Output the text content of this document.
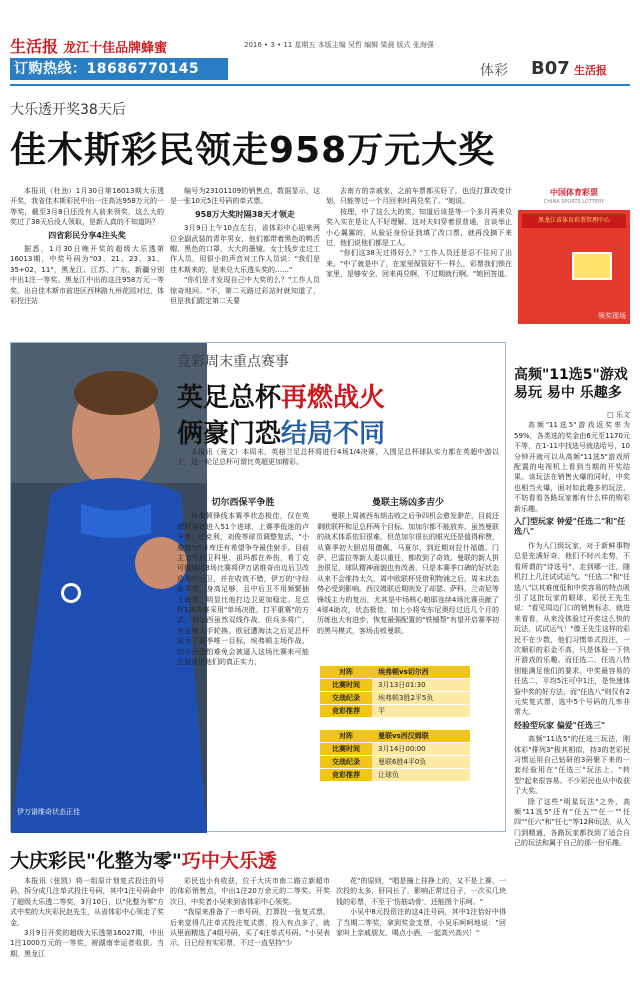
生活报 龙江十佳品牌蜂蜜
订购热线：18686770145
2016 • 3 • 11 星期五 本版主编 吴哲 编辑 梁晨 版式 张海强
体彩 B07 生活报
大乐透开奖38天后
佳木斯彩民领走958万元大奖

本报讯（杜劲）1月30日第16013期大乐透开奖，我省佳木斯彩民中出一注高达958万元的一等奖，截至3月8日还没有人前来领奖，这么大的奖过了38天后没人领取，是新人真的不知道吗？

四省彩民分享4注头奖

据悉，1月30日晚开奖的超级大乐透第16013期，中奖号码为"03、21、23、31、35+02、11"，黑龙江、江苏、广东、新疆分别中出1注一等奖。黑龙江中出的这注958万元一等奖，出自佳木斯市前进区西林路九州花园对过，体彩投注站

编号为23101109的销售点，数据显示，这是一张10元5注号码的单式票。

958万大奖时隔38天才领走

3月9日上午10点左右，省体彩中心迎来两位全副武装的青年男女，他们都带着黑色的鸭舌帽、黑色的口罩，大大的墨镜。女士钱步走过工作人员，用很小的声音对工作人员说："我们是佳木斯来的，是来兑大乐透头奖的……"

"你们是才发现自己中大奖的么？"工作人员惊奇地问。"不，第二天路过彩站时就知道了，但是我们跟定第二天要

去南方的亲戚家，之前车票都买好了，也没打算改变计划，只能等过一个月回来时再兑奖了。"她说。

按理，中了这么大的奖，知道后该是等一个多月再来兑奖入实在是让人不好理解，这对夫妇穿着很普通，言谈举止小心翼翼的，从验证身份证到填了改口票，就再没摘下来过，他们说他们都是工人。

"你们这38天过得好么？"工作人员还是忍不住问了出来。"中了就是中了，在家里保管好不一样么，彩票我们锁在家里，是够安全，回来再兑啊，不过期就行啊。"她回答道。

中国体育彩票
CHINA SPORTS LOTTERY
黑龙江省体育彩票管理中心
领奖现场
伊万诺维奇状态正佳
竞彩周末重点赛事
英足总杯再燃战火
俩豪门恐结局不同

本报讯（竟文）本周末，英格兰足总杯将进行4场1/4决赛，入围足总杯球队实力都在英超中游以上，这一轮足总杯可谓比英超更加精彩。

切尔西保平争胜

埃弗顿锋线本赛季状态极佳，仅在英超联赛就进入51个进球，上赛季低迷的卢卡库、巴克利、刘俊等球员调整复活，"小魔兽"卢卡库还有希望争夺最佳射手。目前主力中后卫科里、祖玛都在养伤，希丁克可能通过3场比赛将伊万诺维奇由边后卫改造为中后卫，并在收效不错，伊万的'守经验丰富，身高足够，且中后卫不用频繁插上助攻，明显比他打边卫更加稳定。足总杯1/4决赛采用"单场决胜，打平重赛"的方式，切尔西虽然双线作战，但兵多将广，有足够人手轮换。欧冠遭淘汰之后足总杯成为了赛季唯一目标，埃弗顿主场作战，切尔西恐怕难免会被逼入这场比赛来可能会展现出他们的真正实力，

曼联主场凶多吉少

曼联上周被西布朗击败之后争四机会愈发渺茫，目前还剩欧联杯和足总杯两个目标。加加尔都不能放弃。虽然曼联的战术体系依旧很难，但范加尔很长的眼光还是值得称赞，从赛季初大胆启用德佩、马夏尔，到近期对拉什福德、门萨、巴雷拉等新人委以重任，都收到了奇效。曼联的新人拼劲很足，球队精神面貌也有改善，只是本赛季口碑的好状态从来不会维持太久，周中欧联杯凭借利物浦之后，周末状态势必受到影响。西汉姆联近期则发了却瑟、萨科、兰奇尼等锋线主力的复出，尤其是中场核心帕耶连续4场比赛贡献了4球4助攻，状态极佳，加上小将安东尼奥经过近几个月的历练也大有进步，恢复最强配置的"铁锤帮"有望开启赛季初的黑马模式，客场击败曼联。

对阵	埃弗顿vs切尔西
比赛时间	3月13日01:30
交战纪录	埃弗顿3胜2平5负
竞彩推荐	平
对阵	曼联vs西汉姆联
比赛时间	3月14日00:00
交战纪录	曼联6胜4平0负
竞彩推荐	让球负
高频"11选5"游戏
易玩 易中 乐趣多
□ 乐文

高频"11选5"游戏返奖率为59%，各类选的奖金由6元至1170元不等，在1-11中找选号就选哈号，10分钟开就可以从高频"11选5"游戏所配置的电视机上看到当期的开奖结果。该玩法在销售火爆的同时，中奖也相当火爆，面对如此趣多的玩法，不妨看看各路玩家都有什么样的购彩新乐趣。

入门型玩家 钟爱"任选二"和"任选八"

作为入门级玩家，对于新鲜事物总是充满好奇，他们不时兴走势，不看所谓的"诗选号"，走到哪一注，随机打上几注试试运气。"任选二"和"任选八"以其难度低和中奖容易的特点吸引了这批玩家的眼球，彩民王先生说："看见周边门口的销售标志，就进来看看，从来没体验过开奖这么快的玩法，试试运气！"像王先生这样的彩民不在少数，他们习惯单式投注，一次顺彩的彩金不高，只是体验一下快开游戏的乐趣。而任选二、任选八特别能满足他们的要求。中奖最容易的任选二，平均5注可中1注，是快速体验中奖的好方法，而"任选八"则仅有2元奖复式票，选中5个号码的几率非常大。

经验型玩家 偏爱"任选三"

高频"11选5"的任选三玩法，刚体彩"排列3"极其相似，持3的老彩民习惯运用自己钻研的3码聚下来的一套经验用在"任选三"玩法上，"转型"起来很容易。不少彩民也从中收获了大奖。

除了这些"明星玩法"之外，高频"11选5"还有"任五""任一""任四""任六"和"任七"等12种玩法，从入门到精通，各路玩家都找到了适合自己的玩法和属于自己的那一份乐趣。

大庆彩民"化整为零"巧中大乐透

本报讯（张凯）将一组原计划复式投注的号码，拆分成几注单式投注号码，其中1注号码命中了超级大乐透二等奖，3月10日，以"化整为零"方式中奖的大庆彩民赵先生，从省体彩中心领走了奖金。

3月9日开奖的超级大乐透第16027期，中出1注1000万元的一等奖，被湖南幸运者收获。当期，黑龙江

彩民也小有收获，位于大庆市南二路立新超市的体彩销售点，中出1注20万余元的二等奖。开奖次日，中奖者小吴来到省体彩中心领奖。

"我原来准备了一串号码，打算投一张复式票，后来觉得几注单式投注复式票，投入有点多了，就从里面精选了4组号码，买了4注单式号码。"小吴表示，日已经有实彩票，不过一直坚持"少

花"的原则，"唱是撞上挂挣上的，又不是上赛，一次投的太多，肝同长了，影响正常过日子，一次买几块钱的彩票，不至于'伤筋动骨'，还能图个乐呵。"

小吴中8元投资注的这4注号码，其中1注恰好中得了当期二等奖，拿到奖金支票，小吴乐呵呵地说："回家叫上亲戚朋友，喝点小酒，一起高兴高兴！"
